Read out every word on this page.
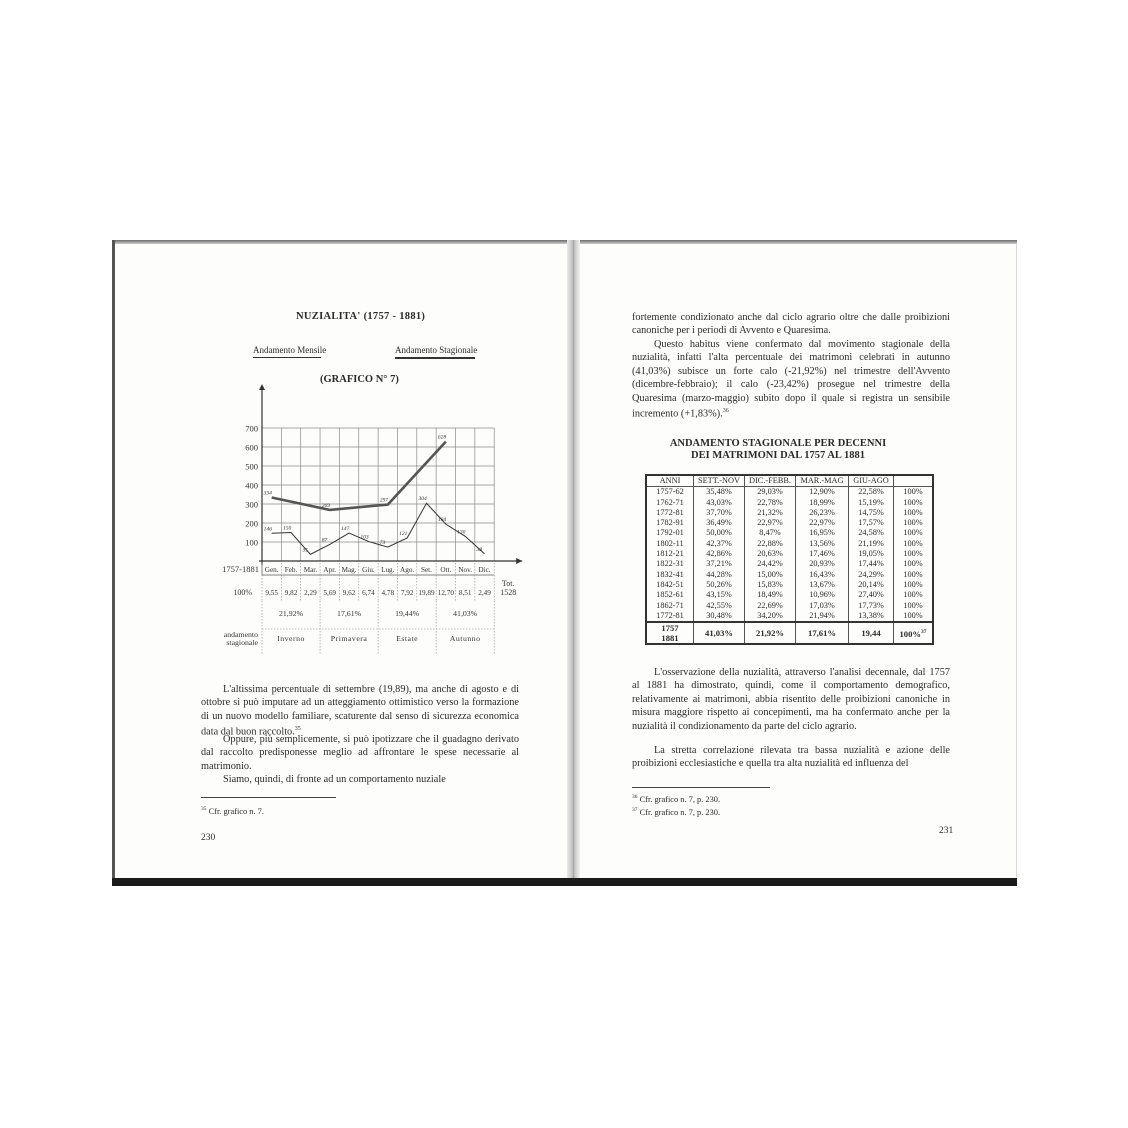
NUZIALITA' (1757 - 1881)
Andamento Mensile	Andamento Stagionale
(GRAFICO N° 7)
100
200
300
400
500
600
700
146 150
35
87
147
103
73
121
304
194
130
38
334
269
297
628
Gen. Feb. Mar. Apr. Mag. Giu. Lug. Ago. Set. Ott. Nov. Dic.
1757-1881
100%
Tot.
1528
9,55 9,82 2,29 5,69 9,62 6,74 4,78 7,92 19,89 12,70 8,51 2,49
21,92%	17,61%	19,44%	41,03%
Inverno	Primavera	Estate	Autunno
andamento
stagionale
L'altissima percentuale di settembre (19,89), ma anche di agosto e di ottobre si può imputare ad un atteggiamento ottimistico verso la formazione di un nuovo modello familiare, scaturente dal senso di sicurezza economica data dal buon raccolto.$^{35}$
Oppure, più semplicemente, si può ipotizzare che il guadagno derivato dal raccolto predisponesse meglio ad affrontare le spese necessarie al matrimonio.
Siamo, quindi, di fronte ad un comportamento nuziale
$^{35}$ Cfr. grafico n. 7.
230
fortemente condizionato anche dal ciclo agrario oltre che dalle proibizioni canoniche per i periodi di Avvento e Quaresima.
Questo habitus viene confermato dal movimento stagionale della nuzialità, infatti l'alta percentuale dei matrimoni celebrati in autunno (41,03%) subisce un forte calo (-21,92%) nel trimestre dell'Avvento (dicembre-febbraio); il calo (-23,42%) prosegue nel trimestre della Quaresima (marzo-maggio) subito dopo il quale si registra un sensibile incremento (+1,83%).$^{36}$
ANDAMENTO STAGIONALE PER DECENNI
DEI MATRIMONI DAL 1757 AL 1881
ANNI	SETT.-NOV	DIC.-FEBB.	MAR.-MAG	GIU-AGO	
1757-62	35,48%	29,03%	12,90%	22,58%	100%
1762-71	43,03%	22,78%	18,99%	15,19%	100%
1772-81	37,70%	21,32%	26,23%	14,75%	100%
1782-91	36,49%	22,97%	22,97%	17,57%	100%
1792-01	50,00%	8,47%	16,95%	24,58%	100%
1802-11	42,37%	22,88%	13,56%	21,19%	100%
1812-21	42,86%	20,63%	17,46%	19,05%	100%
1822-31	37,21%	24,42%	20,93%	17,44%	100%
1832-41	44,28%	15,00%	16,43%	24,29%	100%
1842-51	50,26%	15,83%	13,67%	20,14%	100%
1852-61	43,15%	18,49%	10,96%	27,40%	100%
1862-71	42,55%	22,69%	17,03%	17,73%	100%
1772-81	30,48%	34,20%	21,94%	13,38%	100%

1757
1881	41,03%	21,92%	17,61%	19,44	100%$^{37}$
L'osservazione della nuzialità, attraverso l'analisi decennale, dal 1757 al 1881 ha dimostrato, quindi, come il comportamento demografico, relativamente ai matrimoni, abbia risentito delle proibizioni canoniche in misura maggiore rispetto ai concepimenti, ma ha confermato anche per la nuzialità il condizionamento da parte del ciclo agrario.
La stretta correlazione rilevata tra bassa nuzialità e azione delle proibizioni ecclesiastiche e quella tra alta nuzialità ed influenza del
$^{36}$ Cfr. grafico n. 7, p. 230.
$^{37}$ Cfr. grafico n. 7, p. 230.
231
